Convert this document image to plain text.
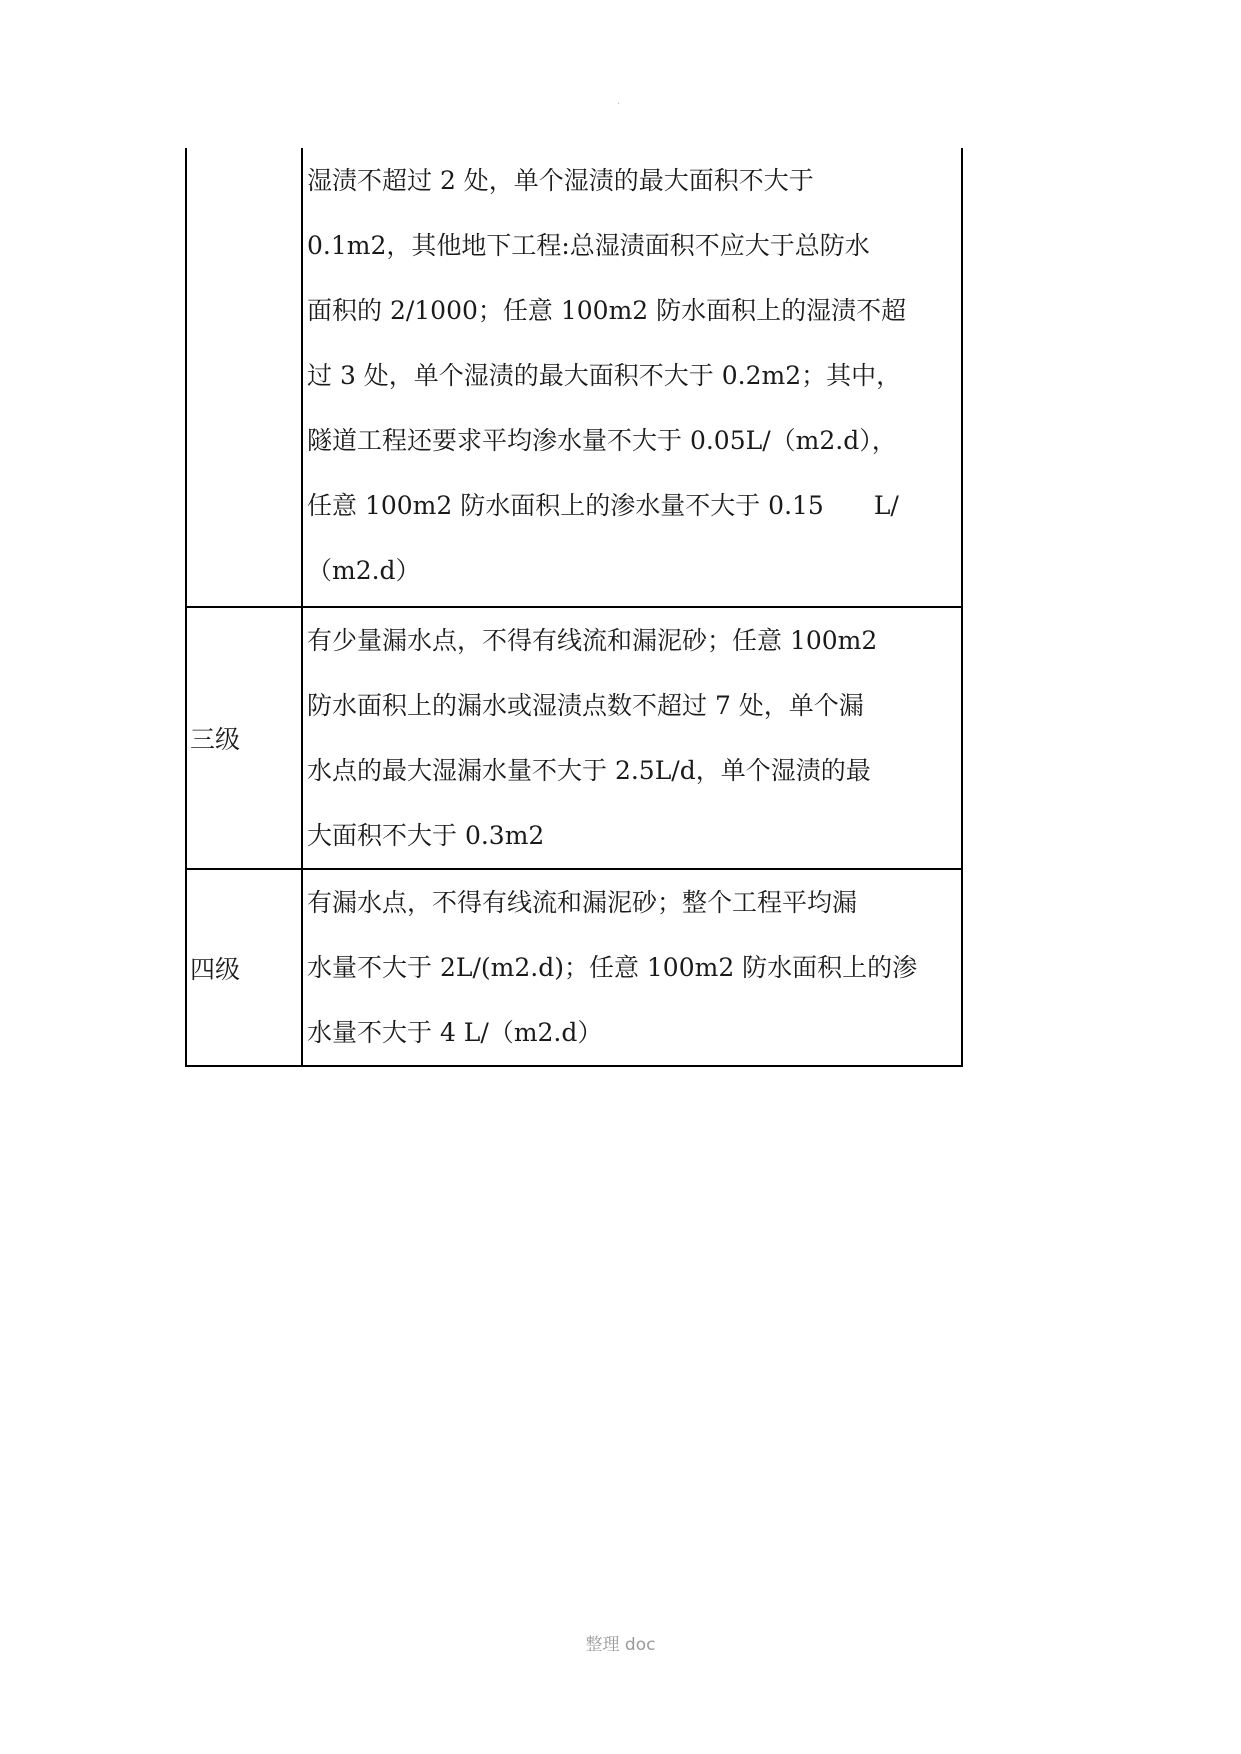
.
湿渍不超过 2 处，单个湿渍的最大面积不大于
0.1m2，其他地下工程:总湿渍面积不应大于总防水
面积的 2/1000；任意 100m2 防水面积上的湿渍不超
过 3 处，单个湿渍的最大面积不大于 0.2m2；其中，
隧道工程还要求平均渗水量不大于 0.05L/（m2.d），
任意 100m2 防水面积上的渗水量不大于 0.15　　L/
（m2.d）
三级
有少量漏水点，不得有线流和漏泥砂；任意 100m2
防水面积上的漏水或湿渍点数不超过 7 处，单个漏
水点的最大湿漏水量不大于 2.5L/d，单个湿渍的最
大面积不大于 0.3m2
四级
有漏水点，不得有线流和漏泥砂；整个工程平均漏
水量不大于 2L/(m2.d)；任意 100m2 防水面积上的渗
水量不大于 4 L/（m2.d）
整理 doc
